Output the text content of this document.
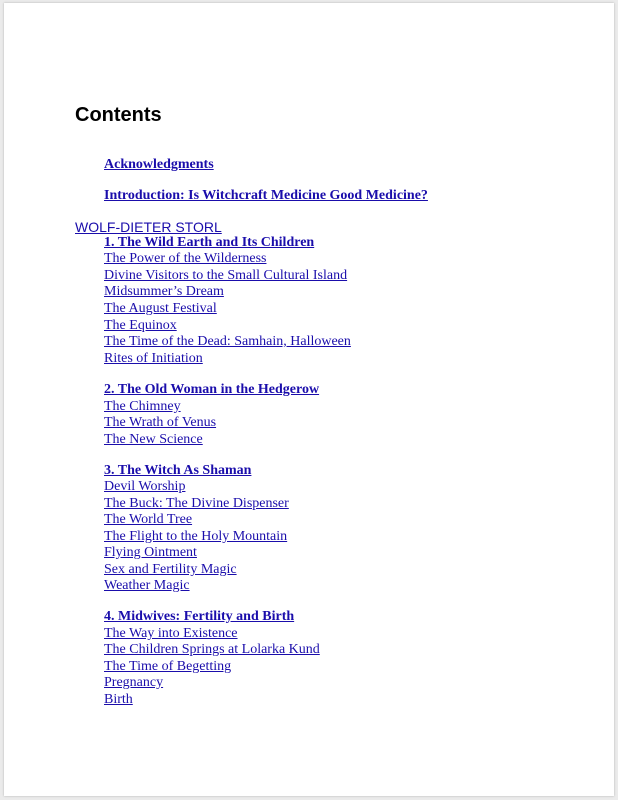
Contents
Acknowledgments
Introduction: Is Witchcraft Medicine Good Medicine?
WOLF-DIETER STORL
1. The Wild Earth and Its Children
The Power of the Wilderness
Divine Visitors to the Small Cultural Island
Midsummer’s Dream
The August Festival
The Equinox
The Time of the Dead: Samhain, Halloween
Rites of Initiation
2. The Old Woman in the Hedgerow
The Chimney
The Wrath of Venus
The New Science
3. The Witch As Shaman
Devil Worship
The Buck: The Divine Dispenser
The World Tree
The Flight to the Holy Mountain
Flying Ointment
Sex and Fertility Magic
Weather Magic
4. Midwives: Fertility and Birth
The Way into Existence
The Children Springs at Lolarka Kund
The Time of Begetting
Pregnancy
Birth
